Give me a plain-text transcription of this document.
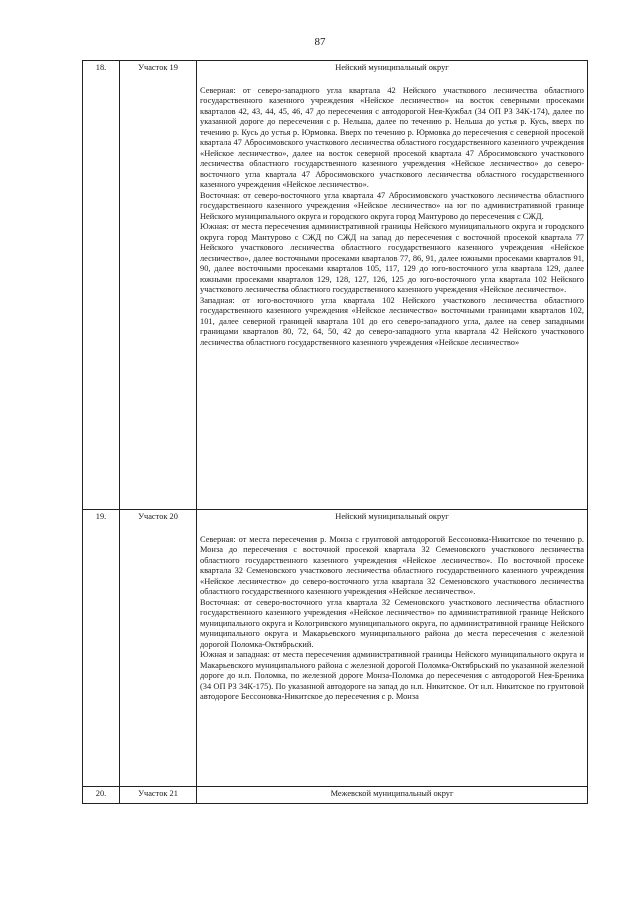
87
18.	Участок 19	Нейский муниципальный округ

Северная: от северо-западного угла квартала 42 Нейского участкового лесничества областного государственного казенного учреждения «Нейское лесничество» на восток северными просеками кварталов 42, 43, 44, 45, 46, 47 до пересечения с автодорогой Нея-Кужбал (34 ОП РЗ 34К-174), далее по указанной дороге до пересечения с р. Нельша, далее по течению р. Нельша до устья р. Кусь, вверх по течению р. Кусь до устья р. Юрмовка. Вверх по течению р. Юрмовка до пересечения с северной просекой квартала 47 Абросимовского участкового лесничества областного государственного казенного учреждения «Нейское лесничество», далее на восток северной просекой квартала 47 Абросимовского участкового лесничества областного государственного казенного учреждения «Нейское лесничество» до северо-восточного угла квартала 47 Абросимовского участкового лесничества областного государственного казенного учреждения «Нейское лесничество».

Восточная: от северо-восточного угла квартала 47 Абросимовского участкового лесничества областного государственного казенного учреждения «Нейское лесничество» на юг по административной границе Нейского муниципального округа и городского округа город Мантурово до пересечения с СЖД.

Южная: от места пересечения административной границы Нейского муниципального округа и городского округа город Мантурово с СЖД по СЖД на запад до пересечения с восточной просекой квартала 77 Нейского участкового лесничества областного государственного казенного учреждения «Нейское лесничество», далее восточными просеками кварталов 77, 86, 91, далее южными просеками кварталов 91, 90, далее восточными просеками кварталов 105, 117, 129 до юго-восточного угла квартала 129, далее южными просеками кварталов 129, 128, 127, 126, 125 до юго-восточного угла квартала 102 Нейского участкового лесничества областного государственного казенного учреждения «Нейское лесничество».

Западная: от юго-восточного угла квартала 102 Нейского участкового лесничества областного государственного казенного учреждения «Нейское лесничество» восточными границами кварталов 102, 101, далее северной границей квартала 101 до его северо-западного угла, далее на север западными границами кварталов 80, 72, 64, 50, 42 до северо-западного угла квартала 42 Нейского участкового лесничества областного государственного казенного учреждения «Нейское лесничество»

19.	Участок 20	Нейский муниципальный округ

Северная: от места пересечения р. Монза с грунтовой автодорогой Бессоновка-Никитское по течению р. Монза до пересечения с восточной просекой квартала 32 Семеновского участкового лесничества областного государственного казенного учреждения «Нейское лесничество». По восточной просеке квартала 32 Семеновского участкового лесничества областного государственного казенного учреждения «Нейское лесничество» до северо-восточного угла квартала 32 Семеновского участкового лесничества областного государственного казенного учреждения «Нейское лесничество».

Восточная: от северо-восточного угла квартала 32 Семеновского участкового лесничества областного государственного казенного учреждения «Нейское лесничество» по административной границе Нейского муниципального округа и Кологривского муниципального округа, по административной границе Нейского муниципального округа и Макарьевского муниципального района до места пересечения с железной дорогой Поломка-Октябрьский.

Южная и западная: от места пересечения административной границы Нейского муниципального округа и Макарьевского муниципального района с железной дорогой Поломка-Октябрьский по указанной железной дороге до н.п. Поломка, по железной дороге Монза-Поломка до пересечения с автодорогой Нея-Бреника (34 ОП РЗ 34К-175). По указанной автодороге на запад до н.п. Никитское. От н.п. Никитское по грунтовой автодороге Бессоновка-Никитское до пересечения с р. Монза

20.	Участок 21	Межевской муниципальный округ
